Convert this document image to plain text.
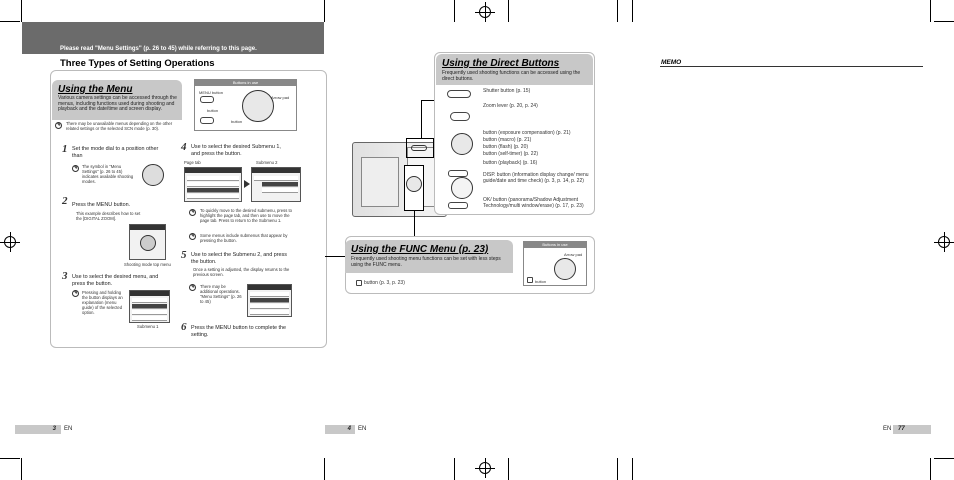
Please read "Menu Settings" (p. 26 to 45) while referring to this page.
Three Types of Setting Operations
Using the Menu
Various camera settings can be accessed through the menus, including functions used during shooting and playback and the date/time and screen display.
Buttons in use
MENU button
button
button
Arrow pad
✎	There may be unavailable menus depending on the other related settings or the selected SCN mode (p. 30).
1 Set the mode dial to a position other than
✎	The symbol in "Menu Settings" (p. 26 to 45) indicates available shooting modes.
2 Press the MENU button.
This example describes how to set the [DIGITAL ZOOM].
Shooting mode top menu
3 Use to select the desired menu, and press the button.
✎	Pressing and holding the button displays an explanation (menu guide) of the selected option.
Submenu 1
4 Use to select the desired Submenu 1, and press the button.
Page tab	Submenu 2
✎	To quickly move to the desired submenu, press to highlight the page tab, and then use to move the page tab. Press to return to the Submenu 1.
✎	Some menus include submenus that appear by pressing the button.
5 Use to select the Submenu 2, and press the button.
Once a setting is adjusted, the display returns to the previous screen.
✎	There may be additional operations. "Menu Settings" (p. 26 to 45)
6 Press the MENU button to complete the setting.
3 EN
Using the Direct Buttons
Frequently used shooting functions can be accessed using the direct buttons.
Shutter button (p. 15)
Zoom lever (p. 20, p. 24)
button (exposure compensation) (p. 21)
button (macro) (p. 21)
button (flash) (p. 20)
button (self-timer) (p. 22)
button (playback) (p. 16)
DISP. button (information display change/ menu guide/date and time check) (p. 3, p. 14, p. 22)
OK/ button (panorama/Shadow Adjustment Technology/multi window/erase) (p. 17, p. 23)
Using the FUNC Menu (p. 23)
Frequently used shooting menu functions can be set with less steps using the FUNC menu.
button (p. 3, p. 23)
Buttons in use
Arrow pad
button
4 EN
MEMO
EN 77
